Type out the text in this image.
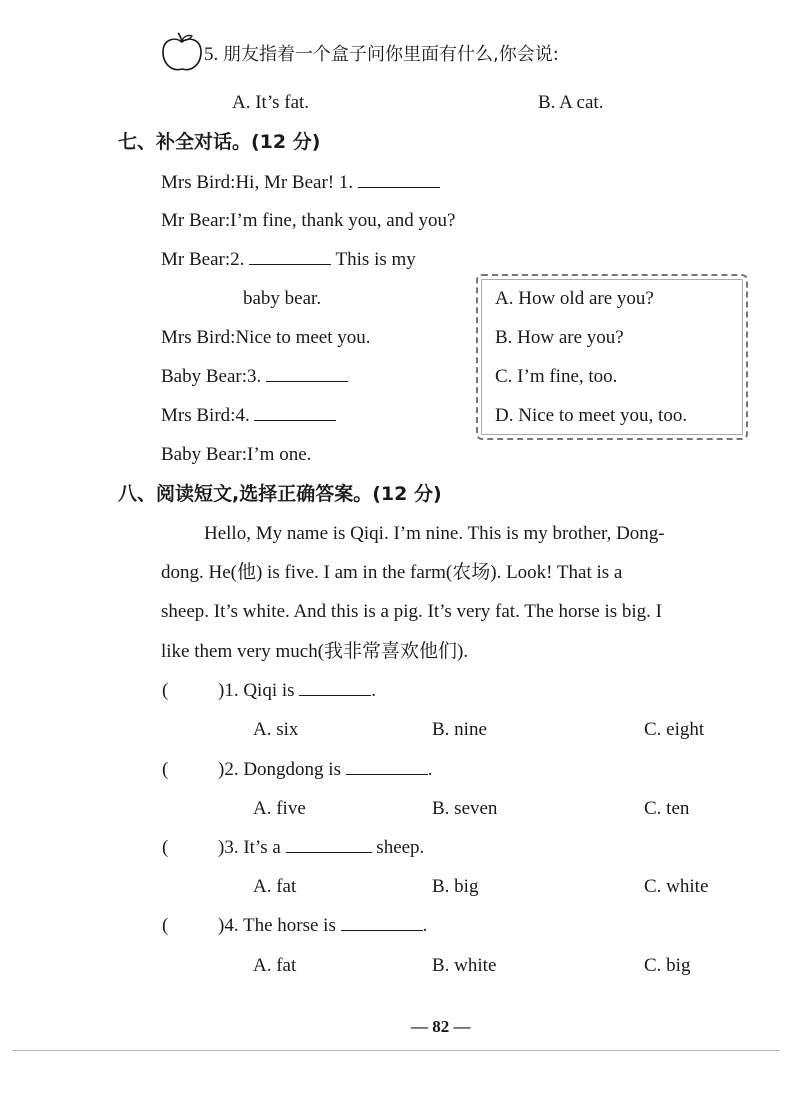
5. 朋友指着一个盒子问你里面有什么,你会说:
A. It’s fat.	B. A cat.
七、补全对话。(12 分)
Mrs Bird:Hi, Mr Bear! 1.
Mr Bear:I’m fine, thank you, and you?
Mr Bear:2.	This is my
baby bear.
Mrs Bird:Nice to meet you.
Baby Bear:3.
Mrs Bird:4.
Baby Bear:I’m one.
A. How old are you?
B. How are you?
C. I’m fine, too.
D. Nice to meet you, too.
八、阅读短文,选择正确答案。(12 分)
Hello, My name is Qiqi. I’m nine. This is my brother, Dong-
dong. He(他) is five. I am in the farm(农场). Look! That is a
sheep. It’s white. And this is a pig. It’s very fat. The horse is big. I
like them very much(我非常喜欢他们).
(	)1. Qiqi is	.
A. six	B. nine	C. eight
(	)2. Dongdong is	.
A. five	B. seven	C. ten
(	)3. It’s a	sheep.
A. fat	B. big	C. white
(	)4. The horse is	.
A. fat	B. white	C. big
— 82 —
